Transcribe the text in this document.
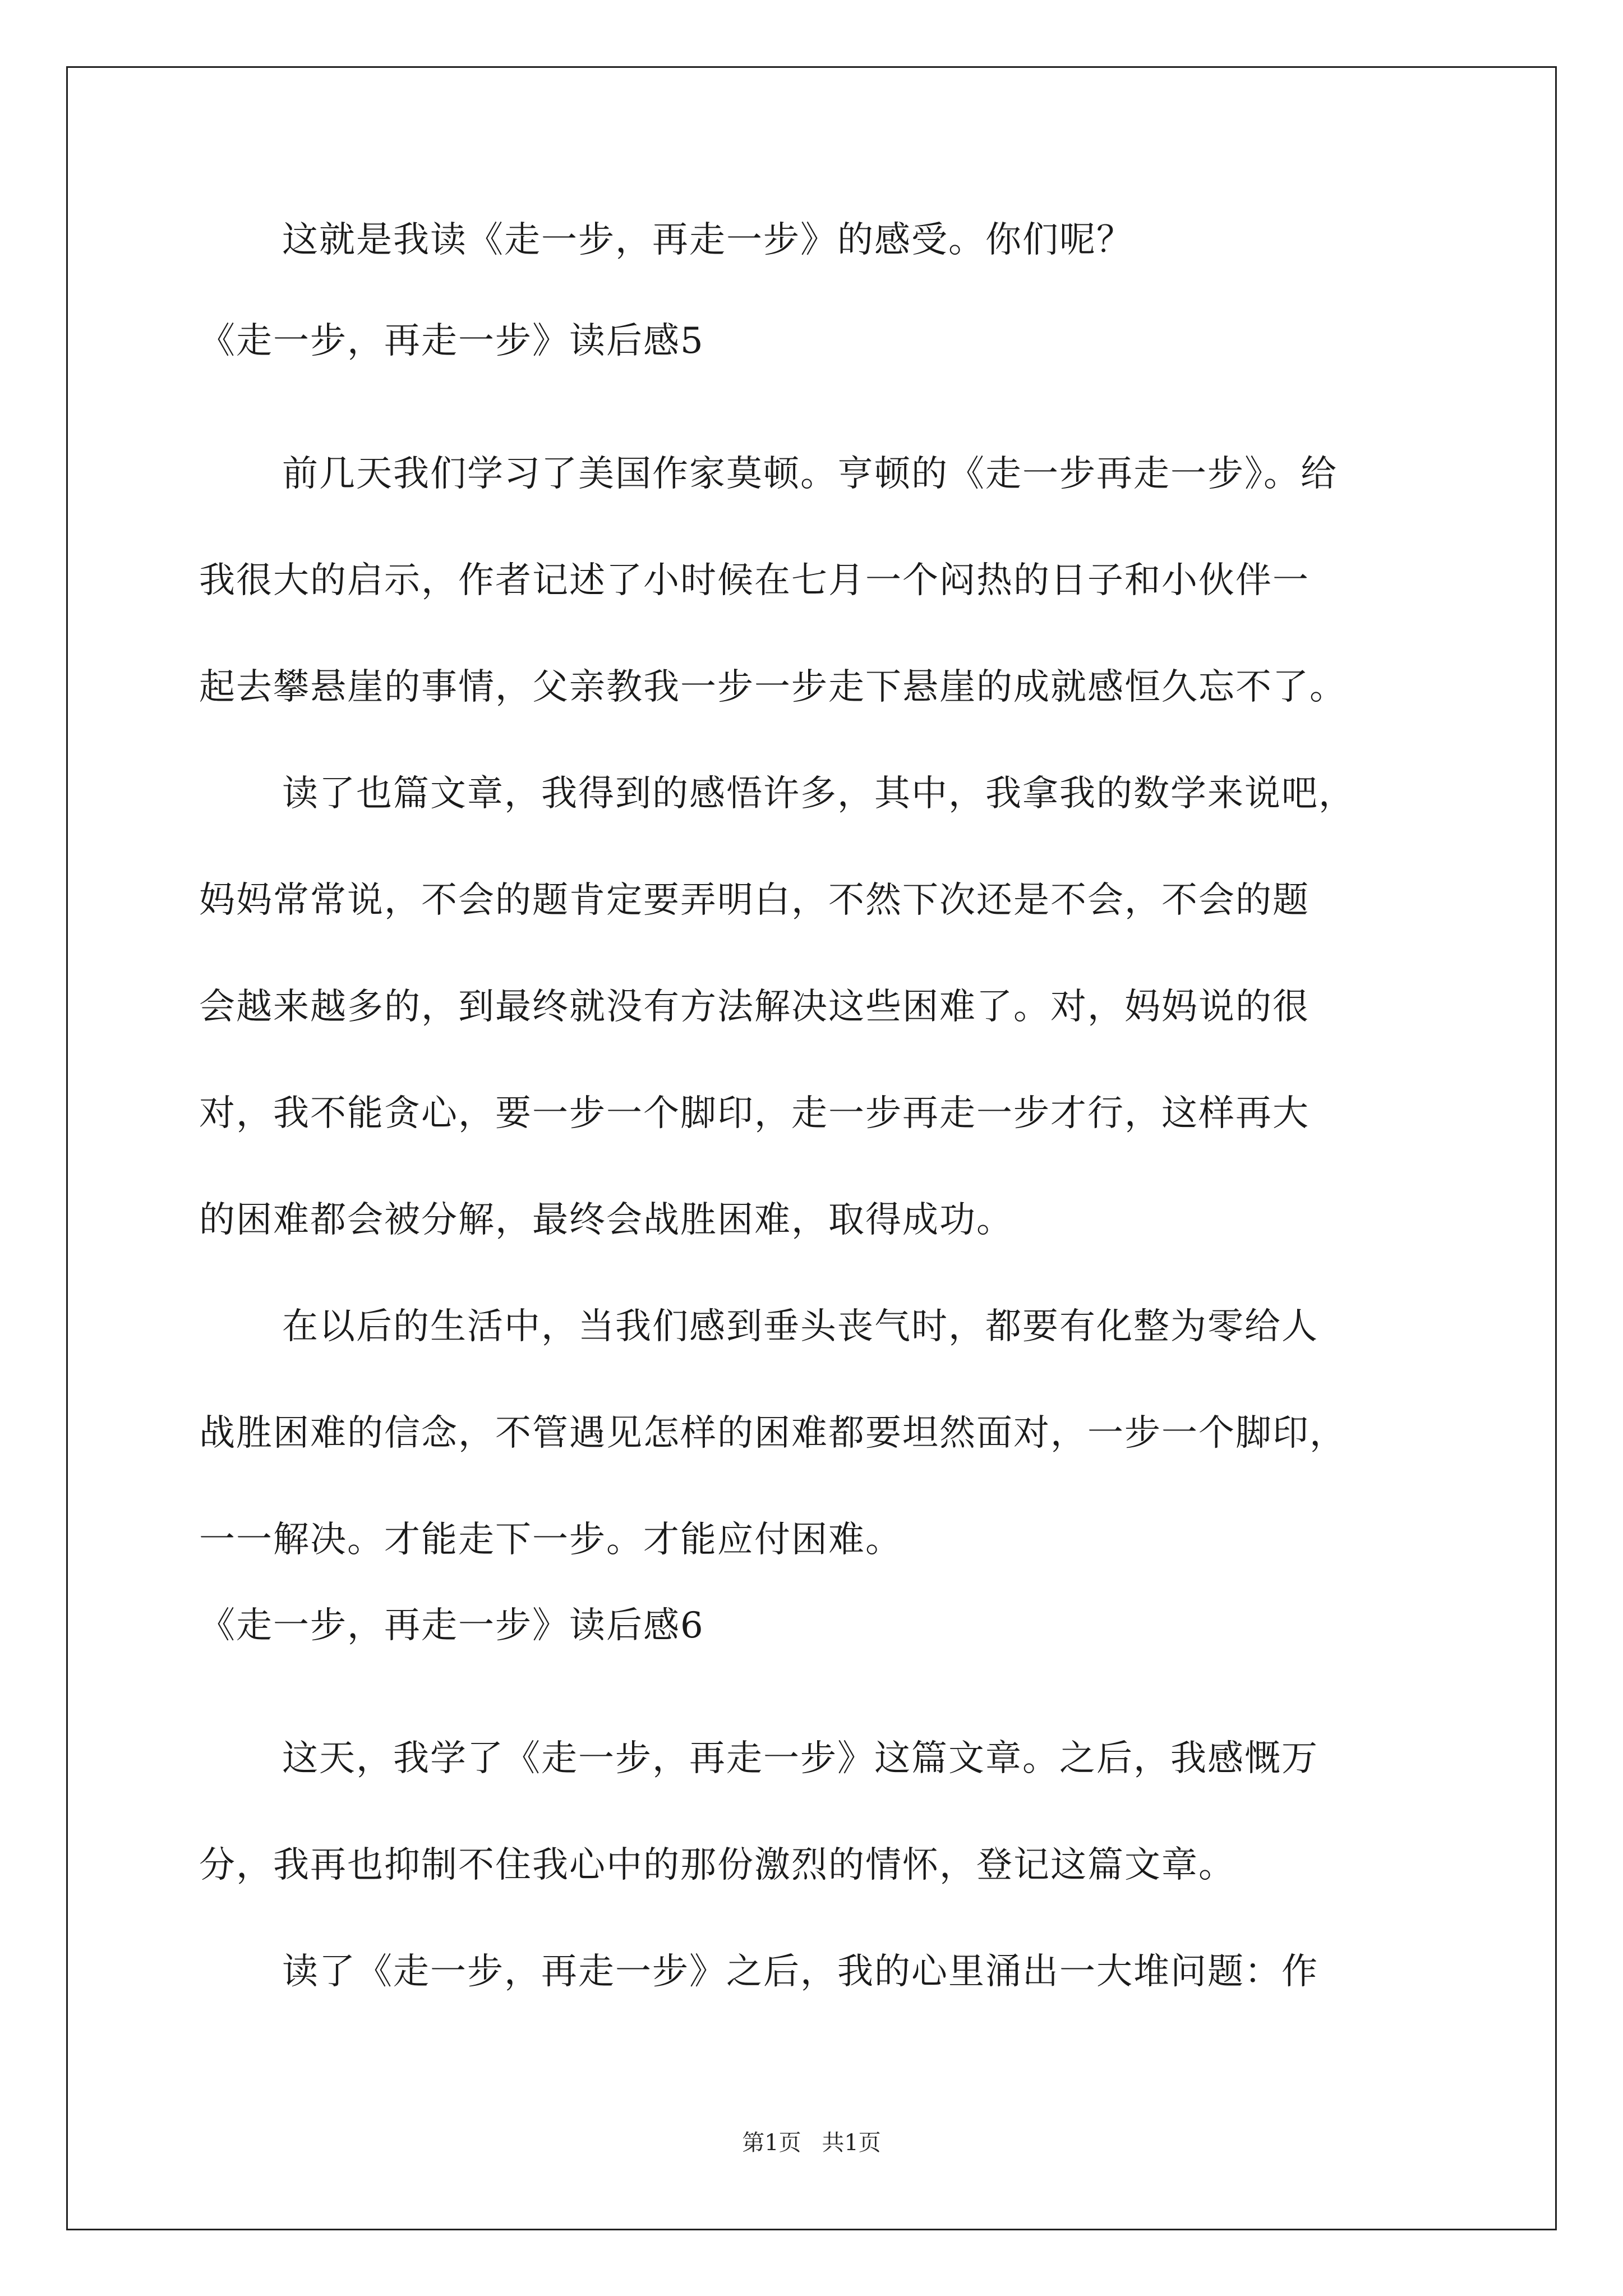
这就是我读《走一步，再走一步》的感受。你们呢？

《走一步，再走一步》读后感5

前几天我们学习了美国作家莫顿。亨顿的《走一步再走一步》。给

我很大的启示，作者记述了小时候在七月一个闷热的日子和小伙伴一

起去攀悬崖的事情，父亲教我一步一步走下悬崖的成就感恒久忘不了。

读了也篇文章，我得到的感悟许多，其中，我拿我的数学来说吧，

妈妈常常说，不会的题肯定要弄明白，不然下次还是不会，不会的题

会越来越多的，到最终就没有方法解决这些困难了。对，妈妈说的很

对，我不能贪心，要一步一个脚印，走一步再走一步才行，这样再大

的困难都会被分解，最终会战胜困难，取得成功。

在以后的生活中，当我们感到垂头丧气时，都要有化整为零给人

战胜困难的信念，不管遇见怎样的困难都要坦然面对，一步一个脚印，

一一解决。才能走下一步。才能应付困难。

《走一步，再走一步》读后感6

这天，我学了《走一步，再走一步》这篇文章。之后，我感慨万

分，我再也抑制不住我心中的那份激烈的情怀，登记这篇文章。

读了《走一步，再走一步》之后，我的心里涌出一大堆问题：作

第1页 共1页
